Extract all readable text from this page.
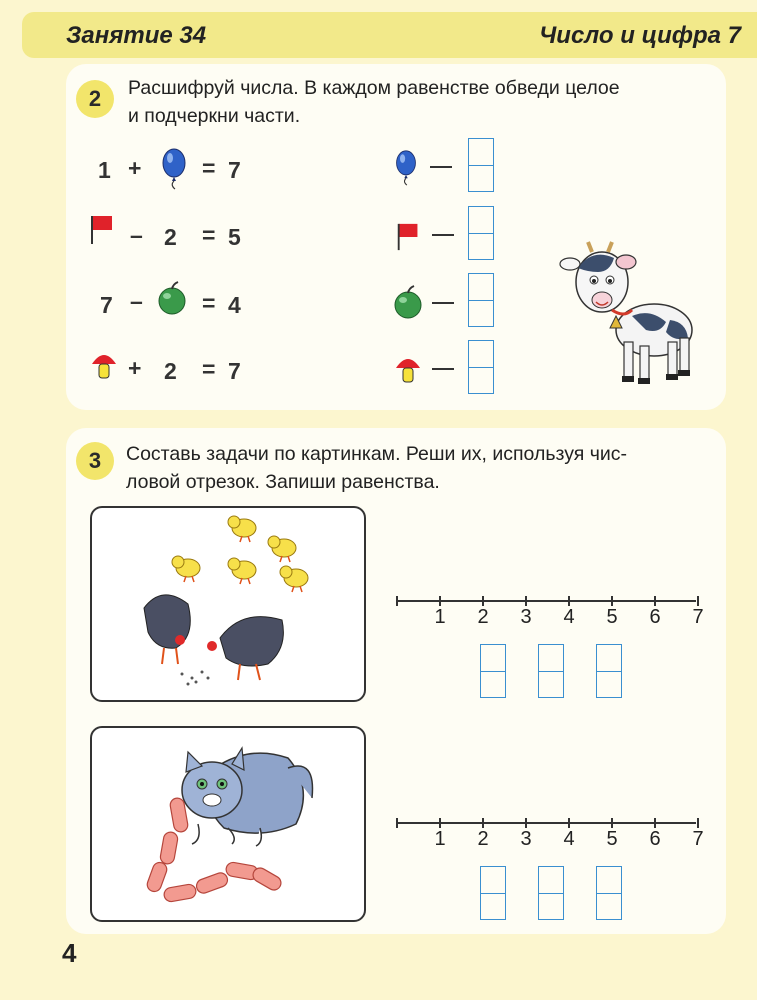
Занятие 34	Число и цифра 7
2	Расшифруй числа. В каждом равенстве обведи целое
и подчеркни части.
1 +	= 7
– 2 = 5
7 –	= 4
+ 2 = 7
3	Составь задачи по картинкам. Реши их, используя чис-
ловой отрезок. Запиши равенства.
1 2 3 4 5 6 7
1 2 3 4 5 6 7
4
